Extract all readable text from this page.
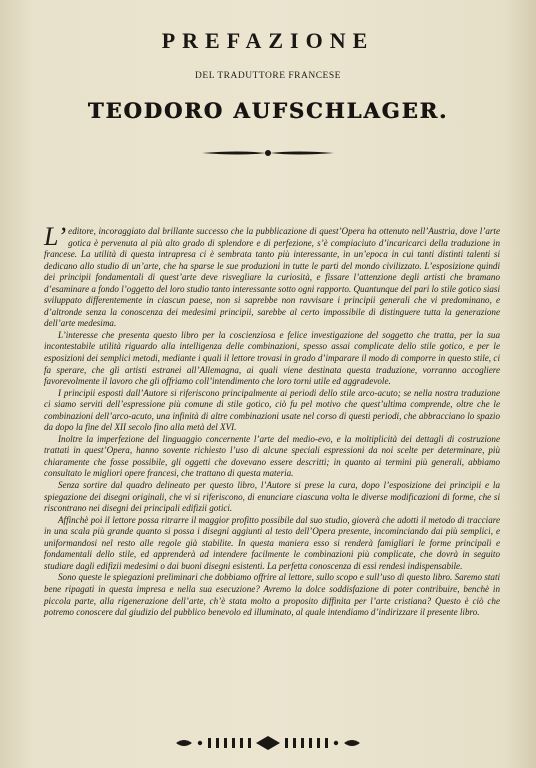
PREFAZIONE
DEL TRADUTTORE FRANCESE
TEODORO AUFSCHLAGER.

L’ editore, incoraggiato dal brillante successo che la pubblicazione di quest’Opera ha ottenuto nell’Austria, dove l’arte gotica è pervenuta al più alto grado di splendore e di perfezione, s’è compiaciuto d’incaricarci della traduzione in francese. La utilità di questa intrapresa ci è sembrata tanto più interessante, in un’epoca in cui tanti distinti talenti si dedicano allo studio di un’arte, che ha sparse le sue produzioni in tutte le parti del mondo civilizzato. L’esposizione quindi dei principii fondamentali di quest’arte deve risvegliare la curiosità, e fissare l’attenzione degli artisti che bramano d’esaminare a fondo l’oggetto del loro studio tanto interessante sotto ogni rapporto. Quantunque del pari lo stile gotico siasi sviluppato differentemente in ciascun paese, non si saprebbe non ravvisare i principii generali che vi predominano, e d’altronde senza la conoscenza dei medesimi principii, sarebbe al certo impossibile di distinguere tutta la generazione dell’arte medesima.

L’interesse che presenta questo libro per la coscienziosa e felice investigazione del soggetto che tratta, per la sua incontestabile utilità riguardo alla intelligenza delle combinazioni, spesso assai complicate dello stile gotico, e per le esposizioni dei semplici metodi, mediante i quali il lettore trovasi in grado d’imparare il modo di comporre in questo stile, ci fa sperare, che gli artisti estranei all’Allemagna, ai quali viene destinata questa traduzione, vorranno accogliere favorevolmente il lavoro che gli offriamo coll’intendimento che loro torni utile ed aggradevole.

I principii esposti dall’Autore si riferiscono principalmente ai periodi dello stile arco-acuto; se nella nostra traduzione ci siamo serviti dell’espressione più comune di stile gotico, ciò fu pel motivo che quest’ultima comprende, oltre che le combinazioni dell’arco-acuto, una infinità di altre combinazioni usate nel corso di questi periodi, che abbracciano lo spazio da dopo la fine del XII secolo fino alla metà del XVI.

Inoltre la imperfezione del linguaggio concernente l’arte del medio-evo, e la moltiplicità dei dettagli di costruzione trattati in quest’Opera, hanno sovente richiesto l’uso di alcune speciali espressioni da noi scelte per determinare, più chiaramente che fosse possibile, gli oggetti che dovevano essere descritti; in quanto ai termini più generali, abbiamo consultato le migliori opere francesi, che trattano di questa materia.

Senza sortire dal quadro delineato per questo libro, l’Autore si prese la cura, dopo l’esposizione dei principii e la spiegazione dei disegni originali, che vi si riferiscono, di enunciare ciascuna volta le diverse modificazioni di forme, che si riscontrano nei disegni dei principali edifizii gotici.

Affinchè poi il lettore possa ritrarre il maggior profitto possibile dal suo studio, gioverà che adotti il metodo di tracciare in una scala più grande quanto si possa i disegni aggiunti al testo dell’Opera presente, incominciando dai più semplici, e uniformandosi nel resto alle regole già stabilite. In questa maniera esso si renderà famigliari le forme principali e fondamentali dello stile, ed apprenderà ad intendere facilmente le combinazioni più complicate, che dovrà in seguito studiare dagli edifizii medesimi o dai buoni disegni esistenti. La perfetta conoscenza di essi rendesi indispensabile.

Sono queste le spiegazioni preliminari che dobbiamo offrire al lettore, sullo scopo e sull’uso di questo libro. Saremo stati bene ripagati in questa impresa e nella sua esecuzione? Avremo la dolce soddisfazione di poter contribuire, benchè in piccola parte, alla rigenerazione dell’arte, ch’è stata molto a proposito diffinita per l’arte cristiana? Questo è ciò che potremo conoscere dal giudizio del pubblico benevolo ed illuminato, al quale intendiamo d’indirizzare il presente libro.
